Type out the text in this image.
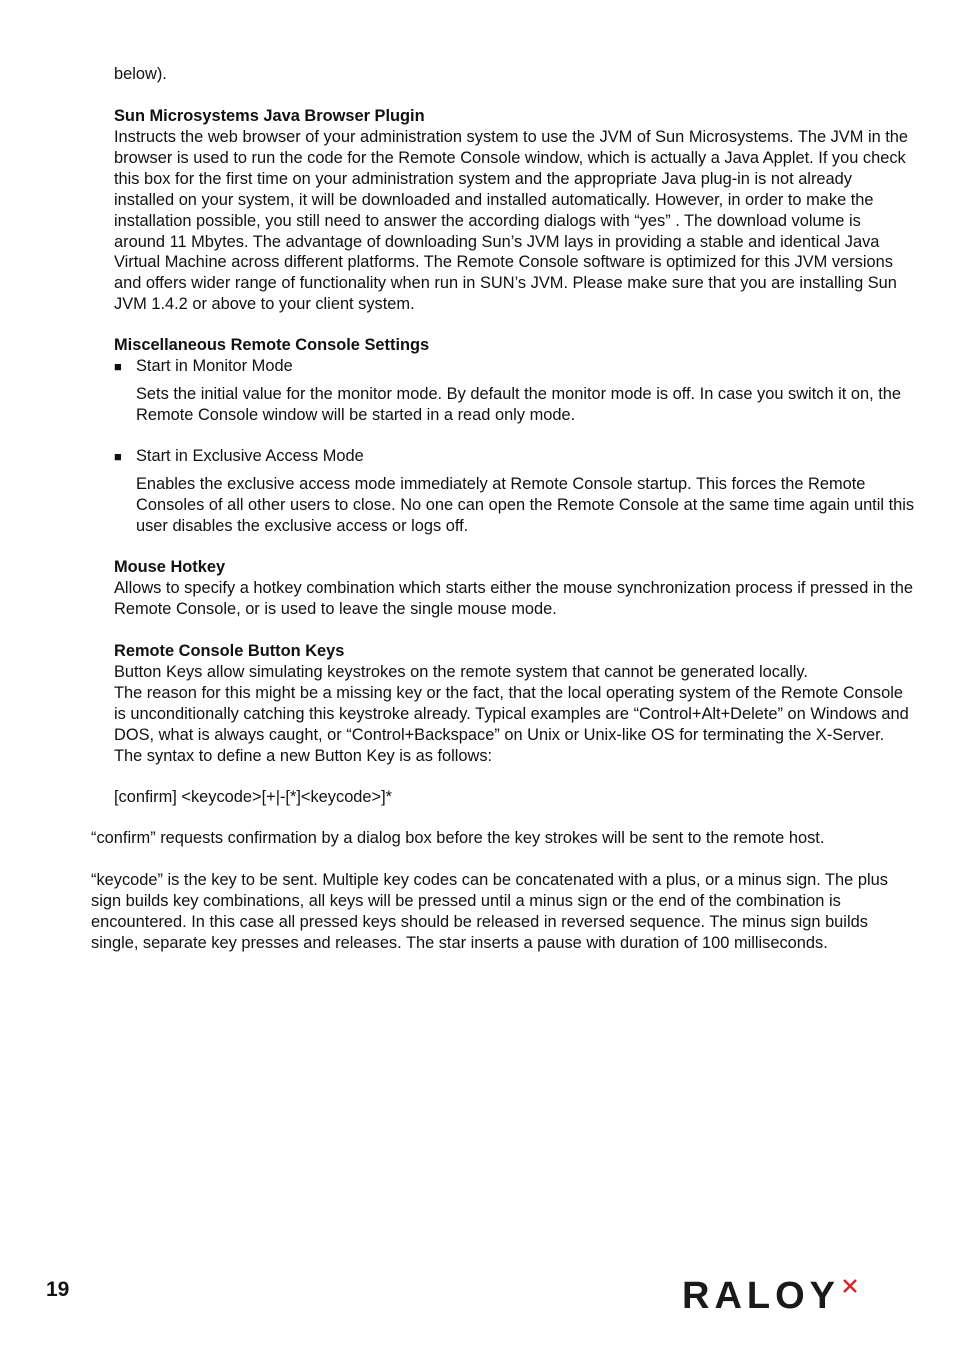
below).

Sun Microsystems Java Browser Plugin

Instructs the web browser of your administration system to use the JVM of Sun Microsystems. The JVM in the browser is used to run the code for the Remote Console window, which is actually a Java Applet. If you check this box for the first time on your administration system and the appropriate Java plug-in is not already installed on your system, it will be downloaded and installed automatically. However, in order to make the installation possible, you still need to answer the according dialogs with “yes” . The download volume is around 11 Mbytes. The advantage of downloading Sun’s JVM lays in providing a stable and identical Java Virtual Machine across different platforms. The Remote Console software is optimized for this JVM versions and offers wider range of functionality when run in SUN’s JVM. Please make sure that you are installing Sun JVM 1.4.2 or above to your client system.

Miscellaneous Remote Console Settings

■ Start in Monitor Mode

Sets the initial value for the monitor mode. By default the monitor mode is off. In case you switch it on, the Remote Console window will be started in a read only mode.

■ Start in Exclusive Access Mode

Enables the exclusive access mode immediately at Remote Console startup. This forces the Remote Consoles of all other users to close. No one can open the Remote Console at the same time again until this user disables the exclusive access or logs off.

Mouse Hotkey

Allows to specify a hotkey combination which starts either the mouse synchronization process if pressed in the Remote Console, or is used to leave the single mouse mode.

Remote Console Button Keys

Button Keys allow simulating keystrokes on the remote system that cannot be generated locally.

The reason for this might be a missing key or the fact, that the local operating system of the Remote Console is unconditionally catching this keystroke already. Typical examples are “Control+Alt+Delete” on Windows and DOS, what is always caught, or “Control+Backspace” on Unix or Unix-like OS for terminating the X-Server. The syntax to define a new Button Key is as follows:

[confirm] <keycode>[+|-[*]<keycode>]*

“confirm” requests confirmation by a dialog box before the key strokes will be sent to the remote host.

“keycode” is the key to be sent. Multiple key codes can be concatenated with a plus, or a minus sign. The plus sign builds key combinations, all keys will be pressed until a minus sign or the end of the combination is encountered. In this case all pressed keys should be released in reversed sequence. The minus sign builds single, separate key presses and releases. The star inserts a pause with duration of 100 milliseconds.

19	RALOY
